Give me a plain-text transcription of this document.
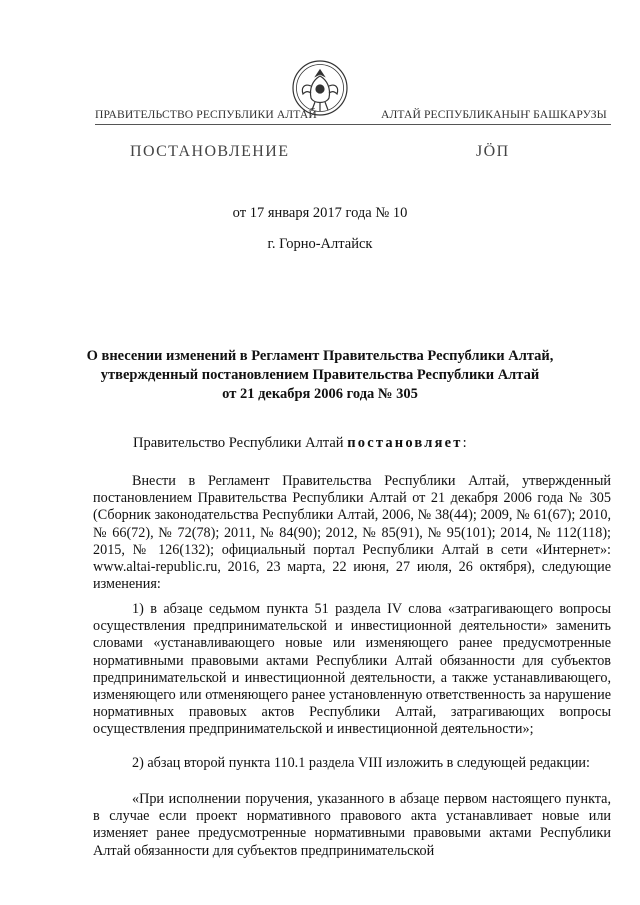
ПРАВИТЕЛЬСТВО РЕСПУБЛИКИ АЛТАЙ	АЛТАЙ РЕСПУБЛИКАНЫҤ БАШКАРУЗЫ
ПОСТАНОВЛЕНИЕ	JÖП
от 17 января 2017 года № 10
г. Горно-Алтайск
О внесении изменений в Регламент Правительства Республики Алтай,
утвержденный постановлением Правительства Республики Алтай
от 21 декабря 2006 года № 305
Правительство Республики Алтай постановляет:

Внести в Регламент Правительства Республики Алтай, утвержденный постановлением Правительства Республики Алтай от 21 декабря 2006 года № 305 (Сборник законодательства Республики Алтай, 2006, № 38(44); 2009, № 61(67); 2010, № 66(72), № 72(78); 2011, № 84(90); 2012, № 85(91), № 95(101); 2014, № 112(118); 2015, № 126(132); официальный портал Республики Алтай в сети «Интернет»: www.altai-republic.ru, 2016, 23 марта, 22 июня, 27 июля, 26 октября), следующие изменения:

1) в абзаце седьмом пункта 51 раздела IV слова «затрагивающего вопросы осуществления предпринимательской и инвестиционной деятельности» заменить словами «устанавливающего новые или изменяющего ранее предусмотренные нормативными правовыми актами Республики Алтай обязанности для субъектов предпринимательской и инвестиционной деятельности, а также устанавливающего, изменяющего или отменяющего ранее установленную ответственность за нарушение нормативных правовых актов Республики Алтай, затрагивающих вопросы осуществления предпринимательской и инвестиционной деятельности»;

2) абзац второй пункта 110.1 раздела VIII изложить в следующей редакции:

«При исполнении поручения, указанного в абзаце первом настоящего пункта, в случае если проект нормативного правового акта устанавливает новые или изменяет ранее предусмотренные нормативными правовыми актами Республики Алтай обязанности для субъектов предпринимательской
